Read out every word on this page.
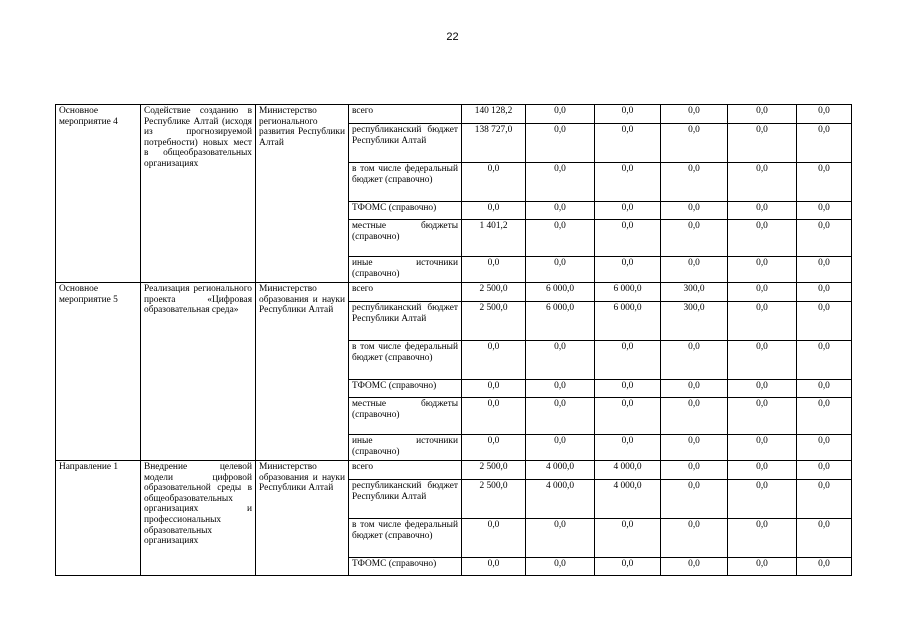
22
Основное мероприятие 4	Содействие созданию в Республике Алтай (исходя из прогнозируемой потребности) новых мест в общеобразовательных организациях	Министерство регионального развития Республики Алтай	всего	140 128,2	0,0	0,0	0,0	0,0	0,0
			республиканский бюджет Республики Алтай	138 727,0	0,0	0,0	0,0	0,0	0,0
			в том числе федеральный бюджет (справочно)	0,0	0,0	0,0	0,0	0,0	0,0
			ТФОМС (справочно)	0,0	0,0	0,0	0,0	0,0	0,0
			местные бюджеты (справочно)	1 401,2	0,0	0,0	0,0	0,0	0,0
			иные источники (справочно)	0,0	0,0	0,0	0,0	0,0	0,0
Основное мероприятие 5	Реализация регионального проекта «Цифровая образовательная среда»	Министерство образования и науки Республики Алтай	всего	2 500,0	6 000,0	6 000,0	300,0	0,0	0,0
			республиканский бюджет Республики Алтай	2 500,0	6 000,0	6 000,0	300,0	0,0	0,0
			в том числе федеральный бюджет (справочно)	0,0	0,0	0,0	0,0	0,0	0,0
			ТФОМС (справочно)	0,0	0,0	0,0	0,0	0,0	0,0
			местные бюджеты (справочно)	0,0	0,0	0,0	0,0	0,0	0,0
			иные источники (справочно)	0,0	0,0	0,0	0,0	0,0	0,0
Направление 1	Внедрение целевой модели цифровой образовательной среды в общеобразовательных организациях и профессиональных образовательных организациях	Министерство образования и науки Республики Алтай	всего	2 500,0	4 000,0	4 000,0	0,0	0,0	0,0
			республиканский бюджет Республики Алтай	2 500,0	4 000,0	4 000,0	0,0	0,0	0,0
			в том числе федеральный бюджет (справочно)	0,0	0,0	0,0	0,0	0,0	0,0
			ТФОМС (справочно)	0,0	0,0	0,0	0,0	0,0	0,0
